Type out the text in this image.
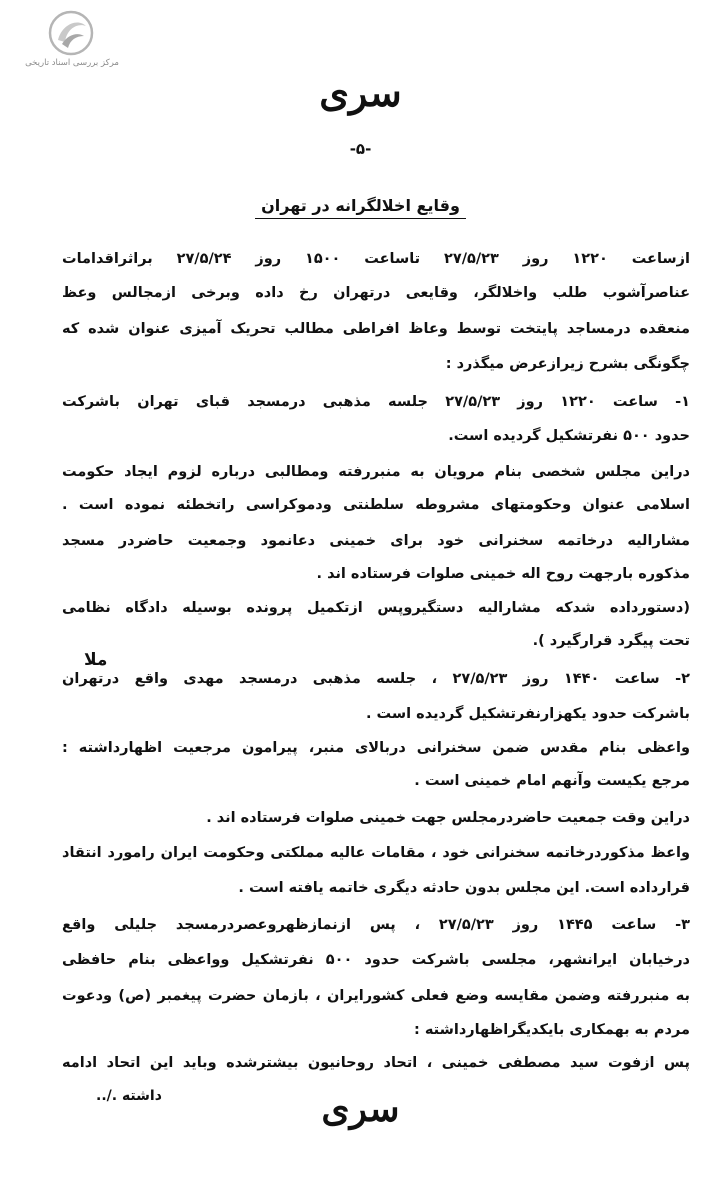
مرکز بررسی اسناد تاریخی
سری
-۵-
وقایع اخلالگرانه در تهران
ازساعت ۱۲۲۰ روز ۲۷/۵/۲۳ تاساعت ۱۵۰۰ روز ۲۷/۵/۲۴ براثراقدامات
عناصرآشوب طلب واخلالگر، وقایعی درتهران رخ داده وبرخی ازمجالس وعظ
منعقده درمساجد پایتخت توسط وعاظ افراطی مطالب تحریک آمیزی عنوان شده که
چگونگی بشرح زیرازعرض میگذرد :
۱- ساعت ۱۲۲۰ روز ۲۷/۵/۲۳ جلسه مذهبی درمسجد قبای تهران باشرکت
حدود ۵۰۰ نفرتشکیل گردیده است.
دراین مجلس شخصی بنام مرویان به منبررفته ومطالبی درباره لزوم ایجاد حکومت
اسلامی عنوان وحکومتهای مشروطه سلطنتی ودموکراسی راتخطئه نموده است .
مشارالیه درخاتمه سخنرانی خود برای خمینی دعانمود وجمعیت حاضردر مسجد
مذکوره بارجهت روح اله خمینی صلوات فرستاده اند .
(دستورداده شدکه مشارالیه دستگیروپس ازتکمیل پرونده بوسیله دادگاه نظامی
تحت پیگرد قرارگیرد ).
ملا
۲- ساعت ۱۴۴۰ روز ۲۷/۵/۲۳ ، جلسه مذهبی درمسجد مهدی واقع درتهران
باشرکت حدود یکهزارنفرتشکیل گردیده است .
واعظی بنام مقدس ضمن سخنرانی دربالای منبر، پیرامون مرجعیت اظهارداشته :
مرجع یکیست وآنهم امام خمینی است .
دراین وقت جمعیت حاضردرمجلس جهت خمینی صلوات فرستاده اند .
واعظ مذکوردرخاتمه سخنرانی خود ، مقامات عالیه مملکتی وحکومت ایران رامورد انتقاد
قرارداده است. این مجلس بدون حادثه دیگری خاتمه یافته است .
۳- ساعت ۱۴۴۵ روز ۲۷/۵/۲۳ ، پس ازنمازظهروعصردرمسجد جلیلی واقع
درخیابان ایرانشهر، مجلسی باشرکت حدود ۵۰۰ نفرتشکیل وواعظی بنام حافظی
به منبررفته وضمن مقایسه وضع فعلی کشورایران ، بازمان حضرت پیغمبر (ص) ودعوت
مردم به بهمکاری بایکدیگراظهارداشته :
پس ازفوت سید مصطفی خمینی ، اتحاد روحانیون بیشترشده وباید این اتحاد ادامه
داشته ./..	سری
